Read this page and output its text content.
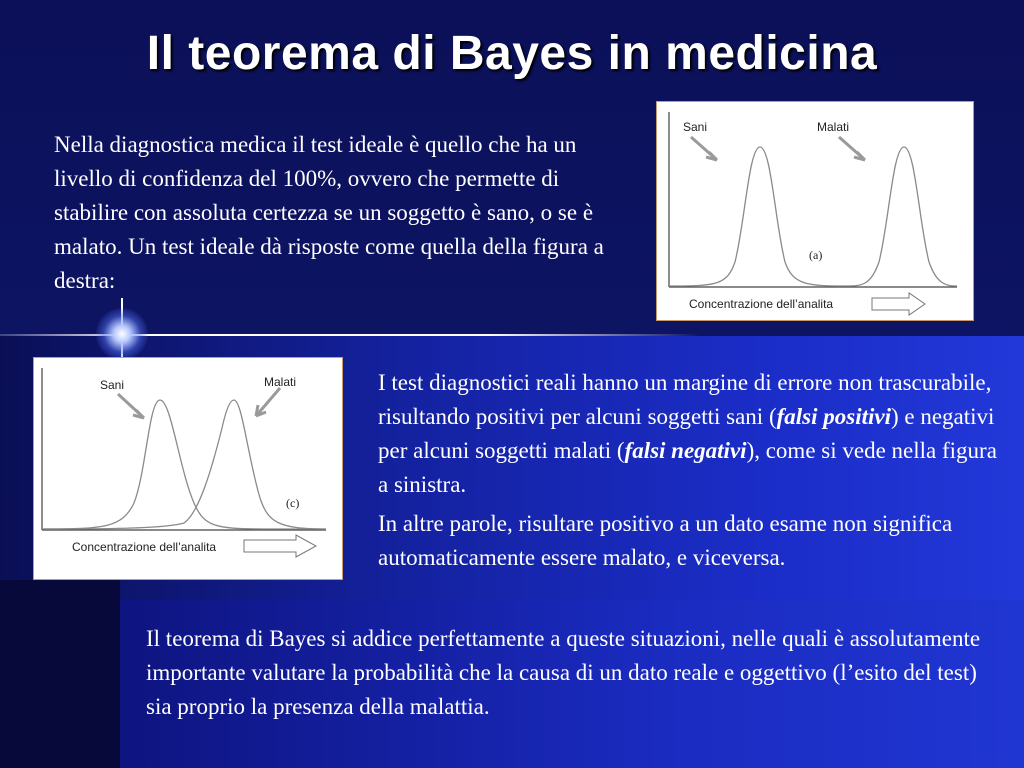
Il teorema di Bayes in medicina

Nella diagnostica medica il test ideale è quello che ha un livello di confidenza del 100%, ovvero che permette di stabilire con assoluta certezza se un soggetto è sano, o se è malato. Un test ideale dà risposte come quella della figura a destra:

I test diagnostici reali hanno un margine di errore non trascurabile, risultando positivi per alcuni soggetti sani (falsi positivi) e negativi per alcuni soggetti malati (falsi negativi), come si vede nella figura a sinistra.

In altre parole, risultare positivo a un dato esame non significa automaticamente essere malato, e viceversa.

Il teorema di Bayes si addice perfettamente a queste situazioni, nelle quali è assolutamente importante valutare la probabilità che la causa di un dato reale e oggettivo (l’esito del test) sia proprio la presenza della malattia.

Sani	Malati
(a)
Concentrazione dell’analita
Sani	Malati
(c)
Concentrazione dell’analita
